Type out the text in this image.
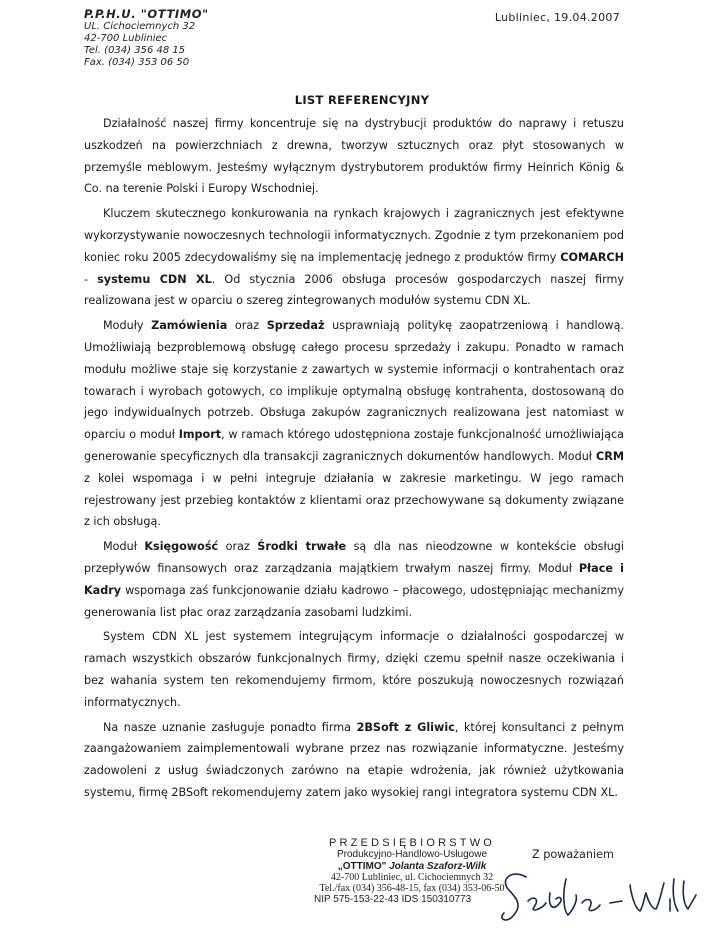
P.P.H.U. "OTTIMO"
UL. Cichociemnych 32
42-700 Lubliniec
Tel. (034) 356 48 15
Fax. (034) 353 06 50
Lubliniec, 19.04.2007
LIST REFERENCYJNY

Działalność naszej firmy koncentruje się na dystrybucji produktów do naprawy i retuszu uszkodzeń na powierzchniach z drewna, tworzyw sztucznych oraz płyt stosowanych w przemyśle meblowym. Jesteśmy wyłącznym dystrybutorem produktów firmy Heinrich König & Co. na terenie Polski i Europy Wschodniej.

Kluczem skutecznego konkurowania na rynkach krajowych i zagranicznych jest efektywne wykorzystywanie nowoczesnych technologii informatycznych. Zgodnie z tym przekonaniem pod koniec roku 2005 zdecydowaliśmy się na implementację jednego z produktów firmy COMARCH - systemu CDN XL. Od stycznia 2006 obsługa procesów gospodarczych naszej firmy realizowana jest w oparciu o szereg zintegrowanych modułów systemu CDN XL.

Moduły Zamówienia oraz Sprzedaż usprawniają politykę zaopatrzeniową i handlową. Umożliwiają bezproblemową obsługę całego procesu sprzedaży i zakupu. Ponadto w ramach modułu możliwe staje się korzystanie z zawartych w systemie informacji o kontrahentach oraz towarach i wyrobach gotowych, co implikuje optymalną obsługę kontrahenta, dostosowaną do jego indywidualnych potrzeb. Obsługa zakupów zagranicznych realizowana jest natomiast w oparciu o moduł Import, w ramach którego udostępniona zostaje funkcjonalność umożliwiająca generowanie specyficznych dla transakcji zagranicznych dokumentów handlowych. Moduł CRM z kolei wspomaga i w pełni integruje działania w zakresie marketingu. W jego ramach rejestrowany jest przebieg kontaktów z klientami oraz przechowywane są dokumenty związane z ich obsługą.

Moduł Księgowość oraz Środki trwałe są dla nas nieodzowne w kontekście obsługi przepływów finansowych oraz zarządzania majątkiem trwałym naszej firmy. Moduł Płace i Kadry wspomaga zaś funkcjonowanie działu kadrowo – płacowego, udostępniając mechanizmy generowania list płac oraz zarządzania zasobami ludzkimi.

System CDN XL jest systemem integrującym informacje o działalności gospodarczej w ramach wszystkich obszarów funkcjonalnych firmy, dzięki czemu spełnił nasze oczekiwania i bez wahania system ten rekomendujemy firmom, które poszukują nowoczesnych rozwiązań informatycznych.

Na nasze uznanie zasługuje ponadto firma 2BSoft z Gliwic, której konsultanci z pełnym zaangażowaniem zaimplementowali wybrane przez nas rozwiązanie informatyczne. Jesteśmy zadowoleni z usług świadczonych zarówno na etapie wdrożenia, jak również użytkowania systemu, firmę 2BSoft rekomendujemy zatem jako wysokiej rangi integratora systemu CDN XL.

PRZEDSIĘBIORSTWO
Produkcyjno-Handlowo-Usługowe
„OTTIMO" Jolanta Szaforz-Wilk
42-700 Lubliniec, ul. Cichociemnych 32
Tel./fax (034) 356-48-15, fax (034) 353-06-50
NIP 575-153-22-43 IDS 150310773
Z poważaniem
